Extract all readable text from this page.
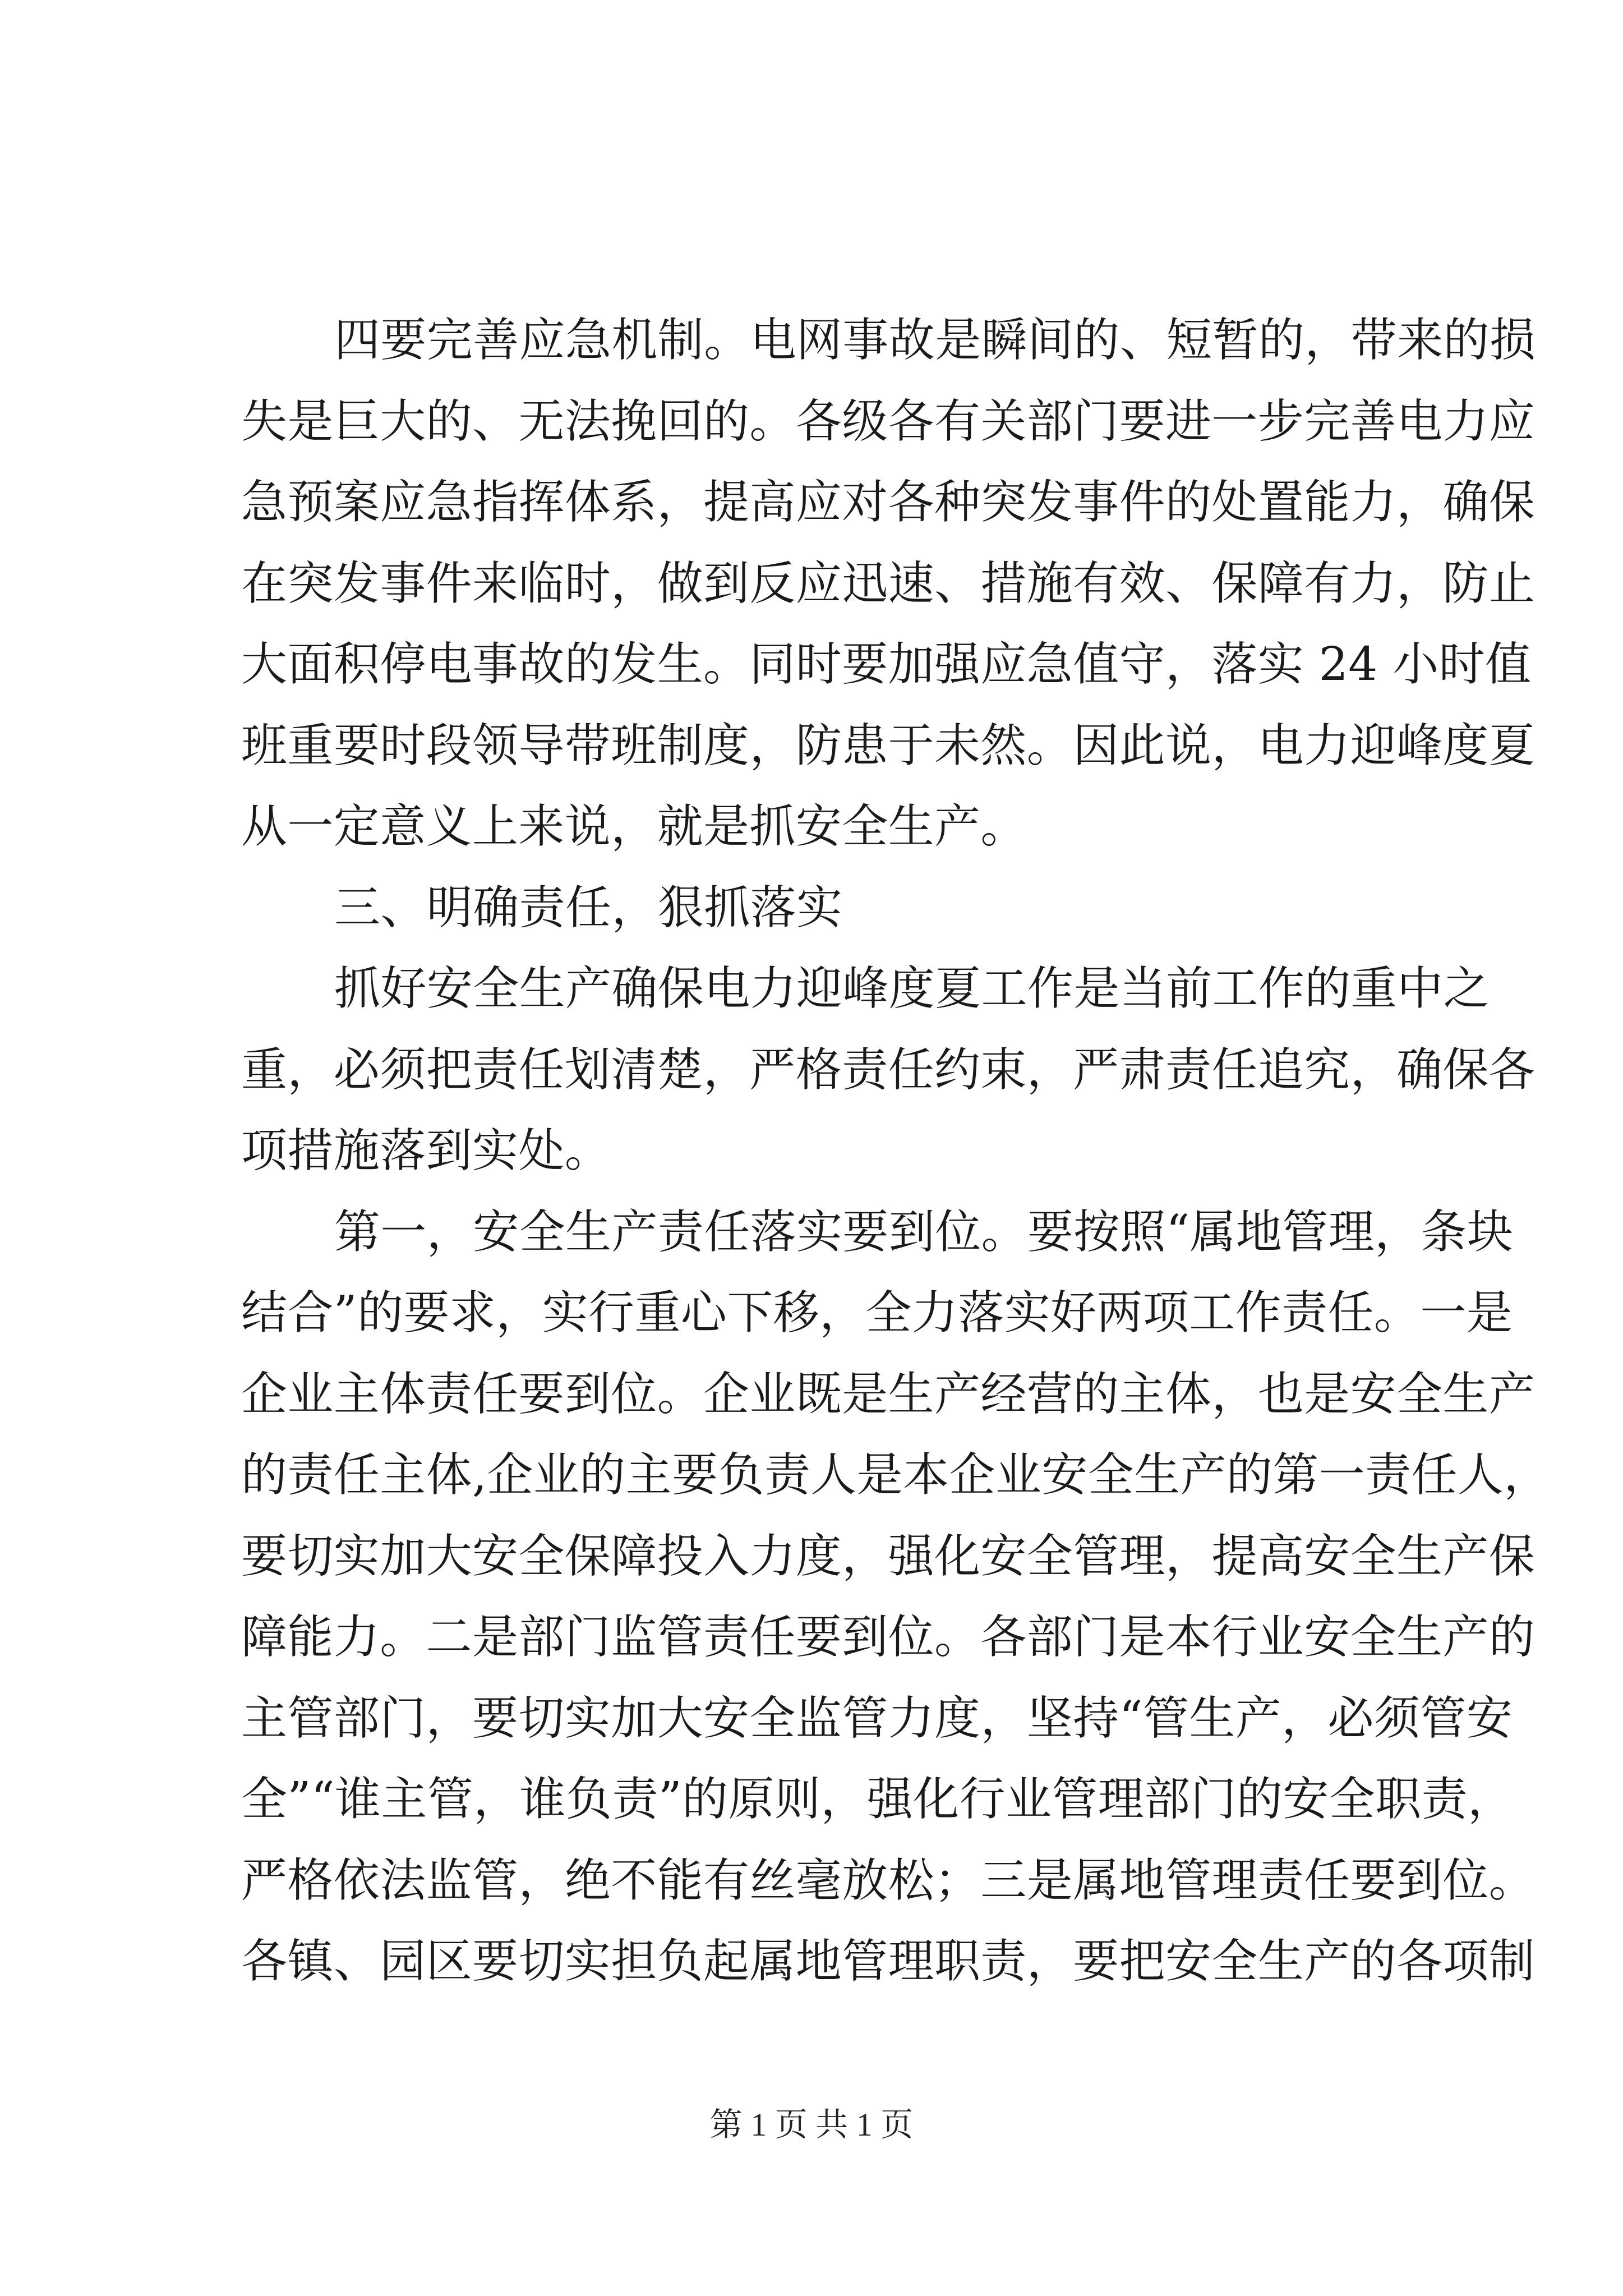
四要完善应急机制。电网事故是瞬间的、短暂的，带来的损
失是巨大的、无法挽回的。各级各有关部门要进一步完善电力应
急预案应急指挥体系，提高应对各种突发事件的处置能力，确保
在突发事件来临时，做到反应迅速、措施有效、保障有力，防止
大面积停电事故的发生。同时要加强应急值守，落实 24 小时值
班重要时段领导带班制度，防患于未然。因此说，电力迎峰度夏
从一定意义上来说，就是抓安全生产。
三、明确责任，狠抓落实
抓好安全生产确保电力迎峰度夏工作是当前工作的重中之
重，必须把责任划清楚，严格责任约束，严肃责任追究，确保各
项措施落到实处。
第一，安全生产责任落实要到位。要按照“属地管理，条块
结合”的要求，实行重心下移，全力落实好两项工作责任。一是
企业主体责任要到位。企业既是生产经营的主体，也是安全生产
的责任主体,企业的主要负责人是本企业安全生产的第一责任人，
要切实加大安全保障投入力度，强化安全管理，提高安全生产保
障能力。二是部门监管责任要到位。各部门是本行业安全生产的
主管部门，要切实加大安全监管力度，坚持“管生产，必须管安
全”“谁主管，谁负责”的原则，强化行业管理部门的安全职责，
严格依法监管，绝不能有丝毫放松；三是属地管理责任要到位。
各镇、园区要切实担负起属地管理职责，要把安全生产的各项制
第 1 页 共 1 页
